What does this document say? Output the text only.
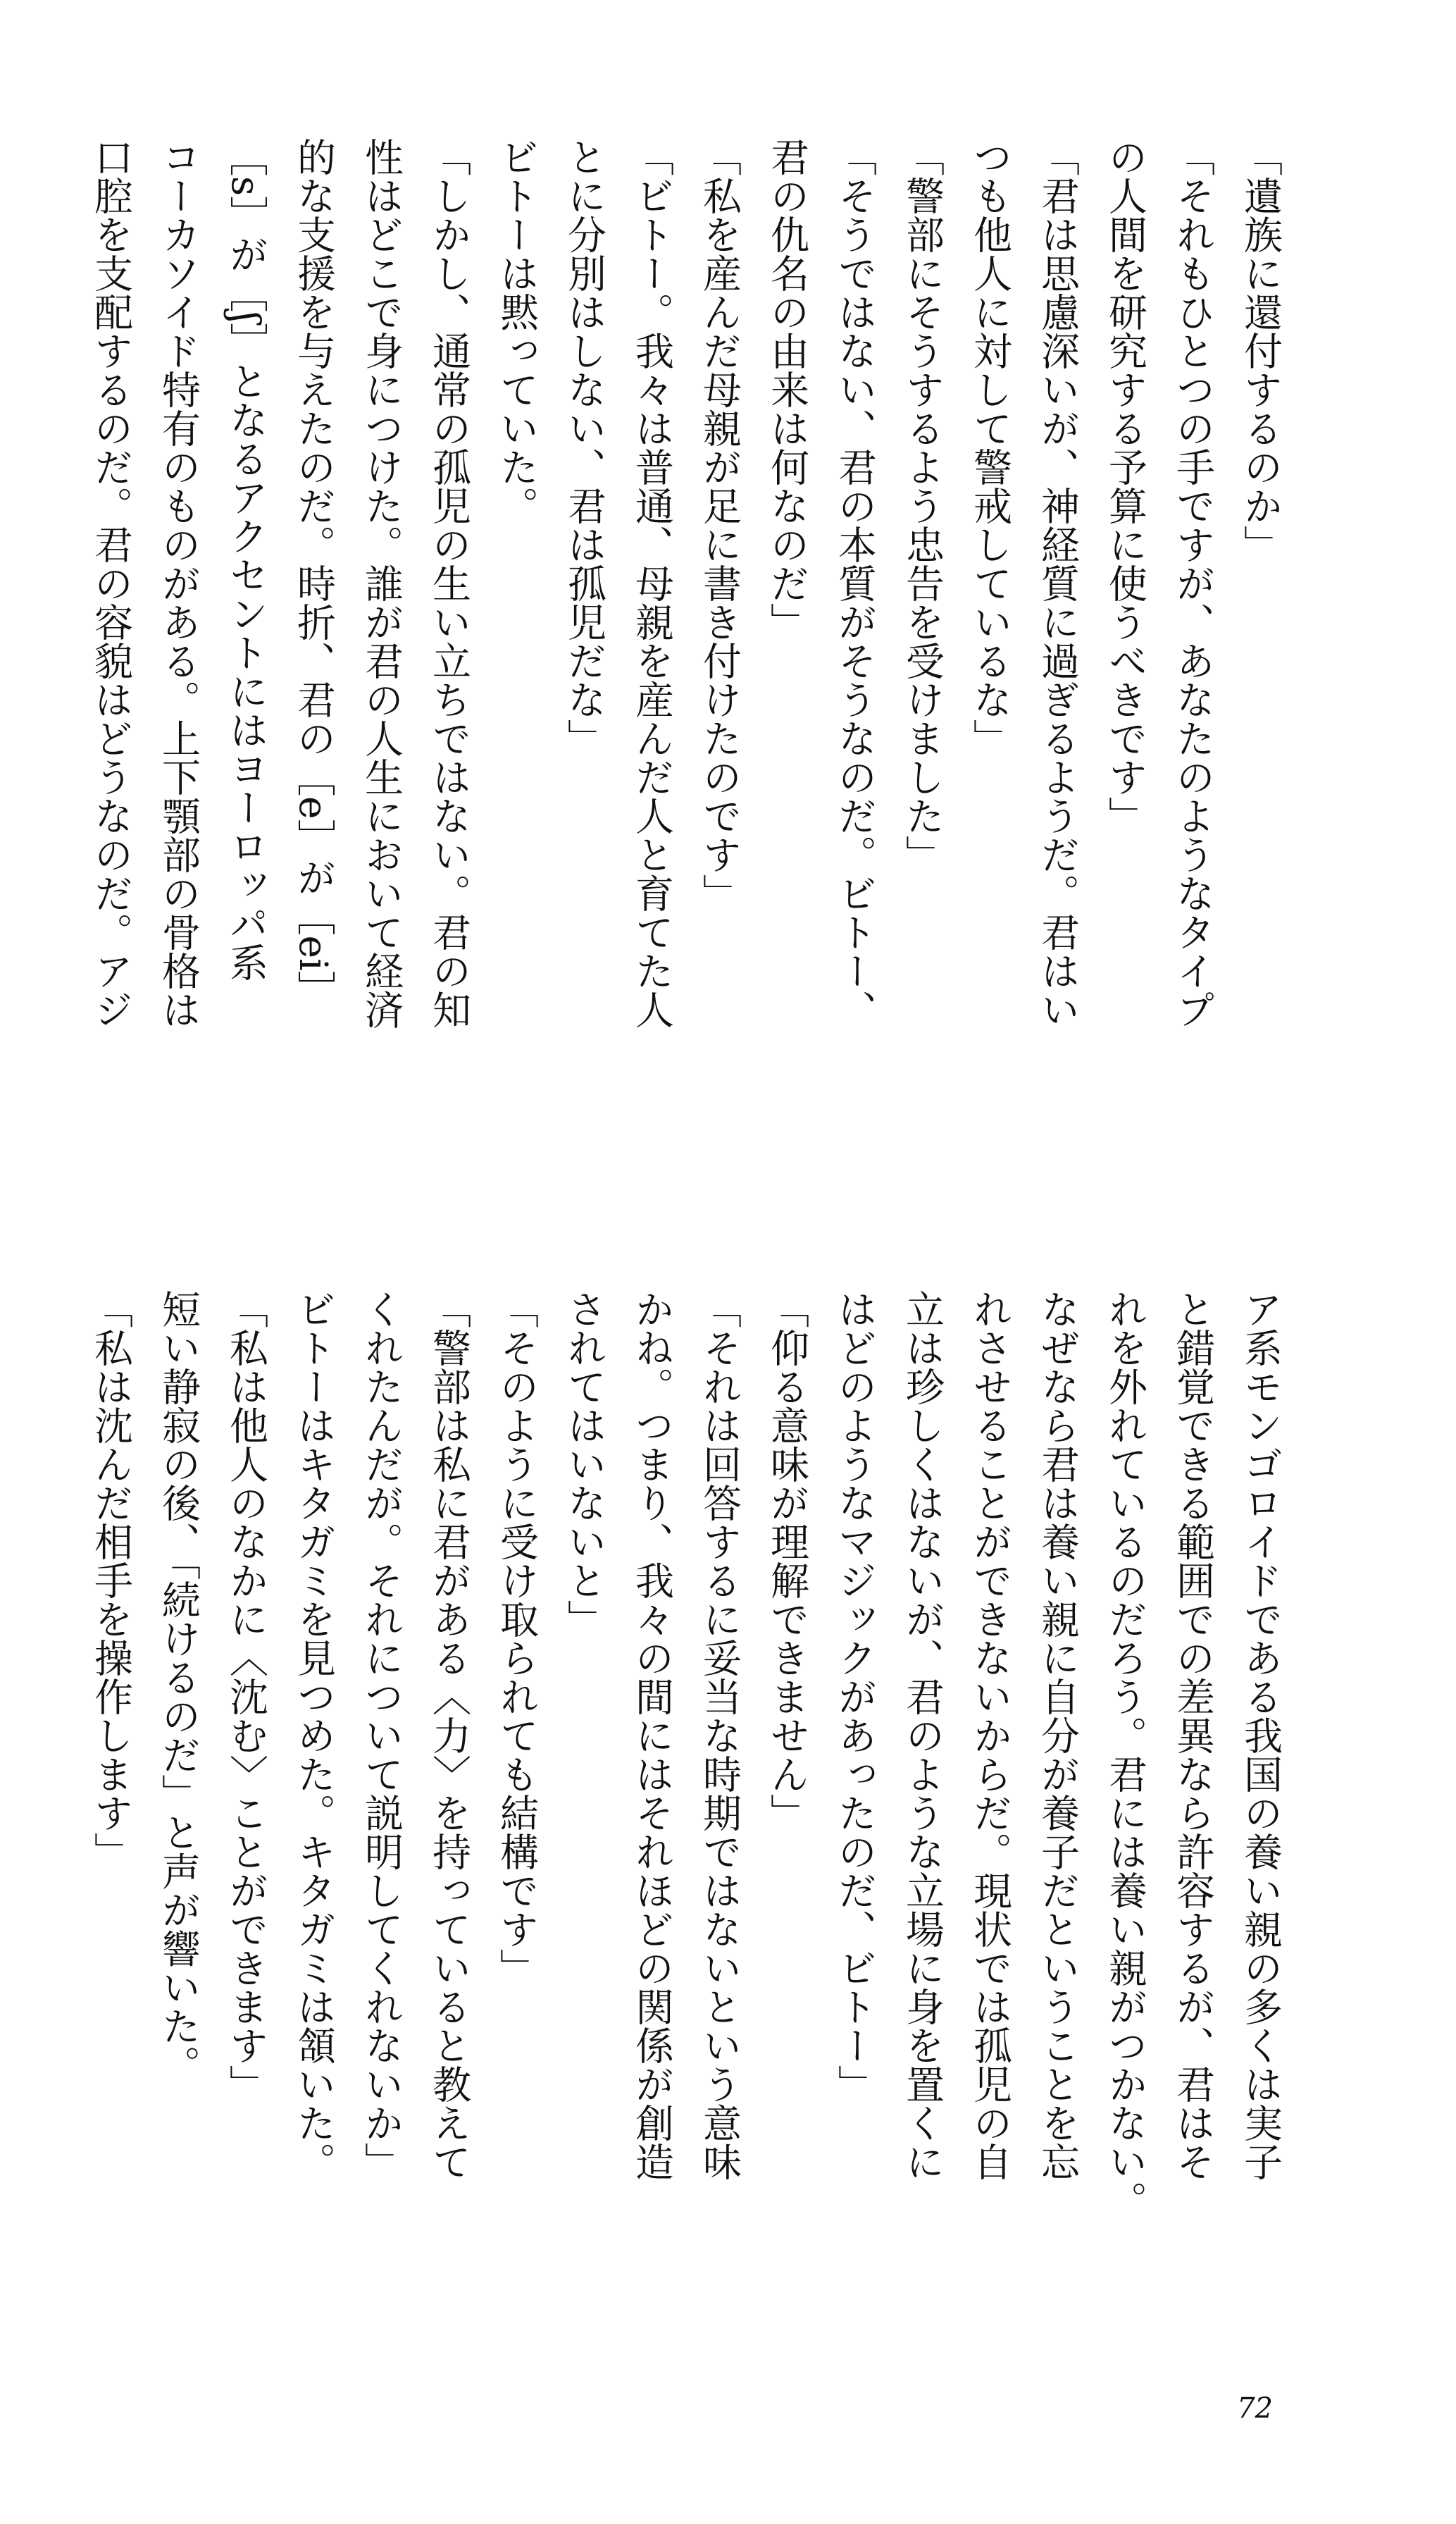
「遺族に還付するのか」
「それもひとつの手ですが、あなたのようなタイプ
の人間を研究する予算に使うべきです」
「君は思慮深いが、神経質に過ぎるようだ。君はい
つも他人に対して警戒しているな」
「警部にそうするよう忠告を受けました」
「そうではない、君の本質がそうなのだ。ビトー、
君の仇名の由来は何なのだ」
「私を産んだ母親が足に書き付けたのです」
「ビトー。我々は普通、母親を産んだ人と育てた人
とに分別はしない、君は孤児だな」
ビトーは黙っていた。
「しかし、通常の孤児の生い立ちではない。君の知
性はどこで身につけた。誰が君の人生において経済
的な支援を与えたのだ。時折、君の［e］が［ei］
［s］が［ʃ］となるアクセントにはヨーロッパ系
コーカソイド特有のものがある。上下顎部の骨格は
口腔を支配するのだ。君の容貌はどうなのだ。アジ
ア系モンゴロイドである我国の養い親の多くは実子
と錯覚できる範囲での差異なら許容するが、君はそ
れを外れているのだろう。君には養い親がつかない。
なぜなら君は養い親に自分が養子だということを忘
れさせることができないからだ。現状では孤児の自
立は珍しくはないが、君のような立場に身を置くに
はどのようなマジックがあったのだ、ビトー」
「仰る意味が理解できません」
「それは回答するに妥当な時期ではないという意味
かね。つまり、我々の間にはそれほどの関係が創造
されてはいないと」
「そのように受け取られても結構です」
「警部は私に君がある〈力〉を持っていると教えて
くれたんだが。それについて説明してくれないか」
ビトーはキタガミを見つめた。キタガミは頷いた。
「私は他人のなかに〈沈む〉ことができます」
短い静寂の後、「続けるのだ」と声が響いた。
「私は沈んだ相手を操作します」
72
